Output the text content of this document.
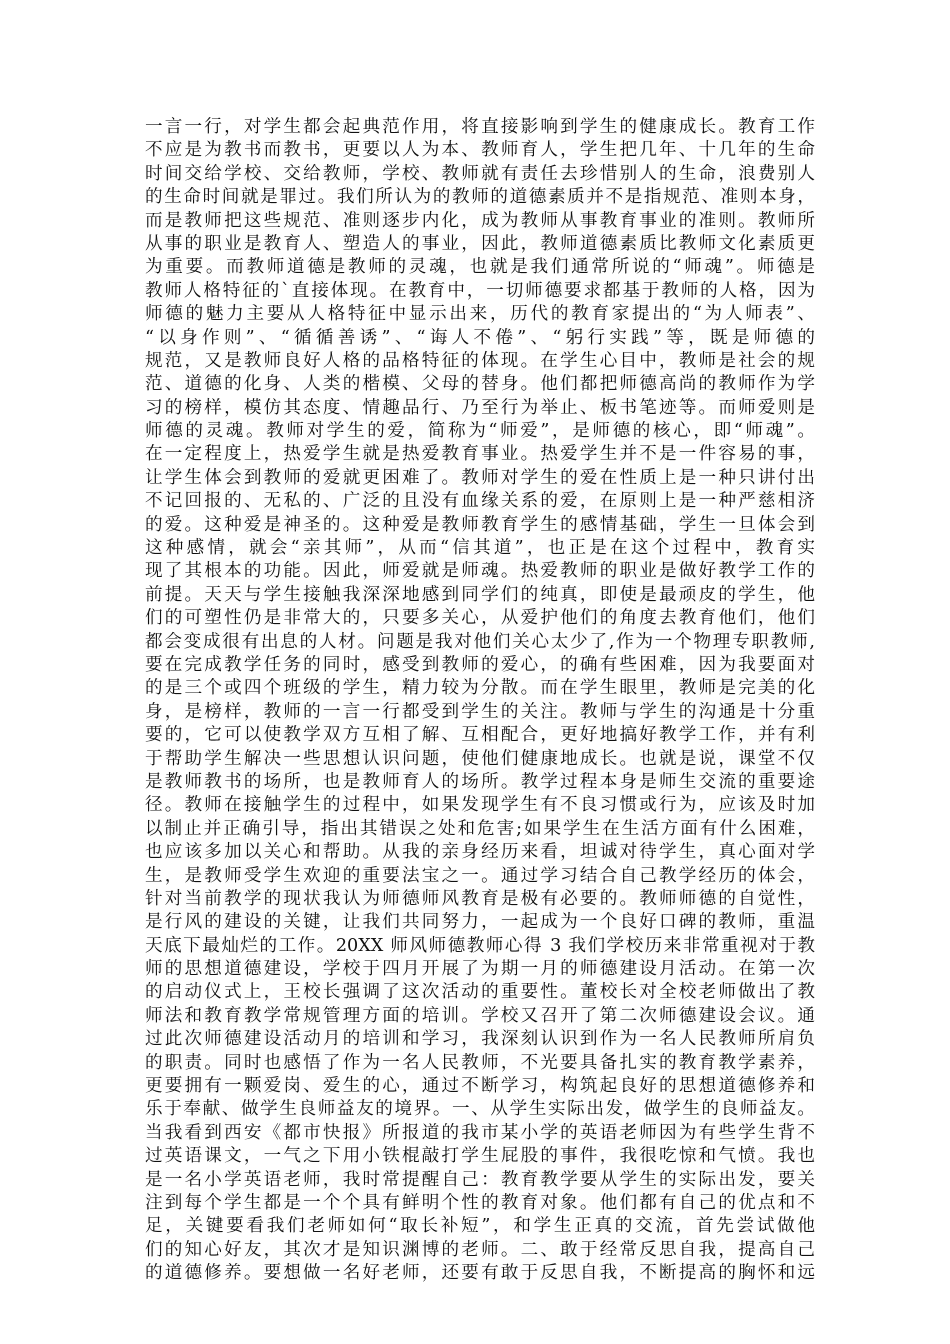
一言一行，对学生都会起典范作用，将直接影响到学生的健康成长。教育工作
不应是为教书而教书，更要以人为本、教师育人，学生把几年、十几年的生命
时间交给学校、交给教师，学校、教师就有责任去珍惜别人的生命，浪费别人
的生命时间就是罪过。我们所认为的教师的道德素质并不是指规范、准则本身，
而是教师把这些规范、准则逐步内化，成为教师从事教育事业的准则。教师所
从事的职业是教育人、塑造人的事业，因此，教师道德素质比教师文化素质更
为重要。而教师道德是教师的灵魂，也就是我们通常所说的“师魂”。师德是
教师人格特征的`直接体现。在教育中，一切师德要求都基于教师的人格，因为
师德的魅力主要从人格特征中显示出来，历代的教育家提出的“为人师表”、
“以身作则”、“循循善诱”、“诲人不倦”、“躬行实践”等，既是师德的
规范，又是教师良好人格的品格特征的体现。在学生心目中，教师是社会的规
范、道德的化身、人类的楷模、父母的替身。他们都把师德高尚的教师作为学
习的榜样，模仿其态度、情趣品行、乃至行为举止、板书笔迹等。而师爱则是
师德的灵魂。教师对学生的爱，简称为“师爱”，是师德的核心，即“师魂”。
在一定程度上，热爱学生就是热爱教育事业。热爱学生并不是一件容易的事，
让学生体会到教师的爱就更困难了。教师对学生的爱在性质上是一种只讲付出
不记回报的、无私的、广泛的且没有血缘关系的爱，在原则上是一种严慈相济
的爱。这种爱是神圣的。这种爱是教师教育学生的感情基础，学生一旦体会到
这种感情，就会“亲其师”，从而“信其道”，也正是在这个过程中，教育实
现了其根本的功能。因此，师爱就是师魂。热爱教师的职业是做好教学工作的
前提。天天与学生接触我深深地感到同学们的纯真，即使是最顽皮的学生，他
们的可塑性仍是非常大的，只要多关心，从爱护他们的角度去教育他们，他们
都会变成很有出息的人材。问题是我对他们关心太少了,作为一个物理专职教师,
要在完成教学任务的同时，感受到教师的爱心，的确有些困难，因为我要面对
的是三个或四个班级的学生，精力较为分散。而在学生眼里，教师是完美的化
身，是榜样，教师的一言一行都受到学生的关注。教师与学生的沟通是十分重
要的，它可以使教学双方互相了解、互相配合，更好地搞好教学工作，并有利
于帮助学生解决一些思想认识问题，使他们健康地成长。也就是说，课堂不仅
是教师教书的场所，也是教师育人的场所。教学过程本身是师生交流的重要途
径。教师在接触学生的过程中，如果发现学生有不良习惯或行为，应该及时加
以制止并正确引导，指出其错误之处和危害;如果学生在生活方面有什么困难，
也应该多加以关心和帮助。从我的亲身经历来看，坦诚对待学生，真心面对学
生，是教师受学生欢迎的重要法宝之一。通过学习结合自己教学经历的体会，
针对当前教学的现状我认为师德师风教育是极有必要的。教师师德的自觉性，
是行风的建设的关键，让我们共同努力，一起成为一个良好口碑的教师，重温
天底下最灿烂的工作。20XX 师风师德教师心得 3 我们学校历来非常重视对于教
师的思想道德建设，学校于四月开展了为期一月的师德建设月活动。在第一次
的启动仪式上，王校长强调了这次活动的重要性。董校长对全校老师做出了教
师法和教育教学常规管理方面的培训。学校又召开了第二次师德建设会议。通
过此次师德建设活动月的培训和学习，我深刻认识到作为一名人民教师所肩负
的职责。同时也感悟了作为一名人民教师，不光要具备扎实的教育教学素养，
更要拥有一颗爱岗、爱生的心，通过不断学习，构筑起良好的思想道德修养和
乐于奉献、做学生良师益友的境界。一、从学生实际出发，做学生的良师益友。
当我看到西安《都市快报》所报道的我市某小学的英语老师因为有些学生背不
过英语课文，一气之下用小铁棍敲打学生屁股的事件，我很吃惊和气愤。我也
是一名小学英语老师，我时常提醒自己：教育教学要从学生的实际出发，要关
注到每个学生都是一个个具有鲜明个性的教育对象。他们都有自己的优点和不
足，关键要看我们老师如何“取长补短”，和学生正真的交流，首先尝试做他
们的知心好友，其次才是知识渊博的老师。二、敢于经常反思自我，提高自己
的道德修养。要想做一名好老师，还要有敢于反思自我，不断提高的胸怀和远
